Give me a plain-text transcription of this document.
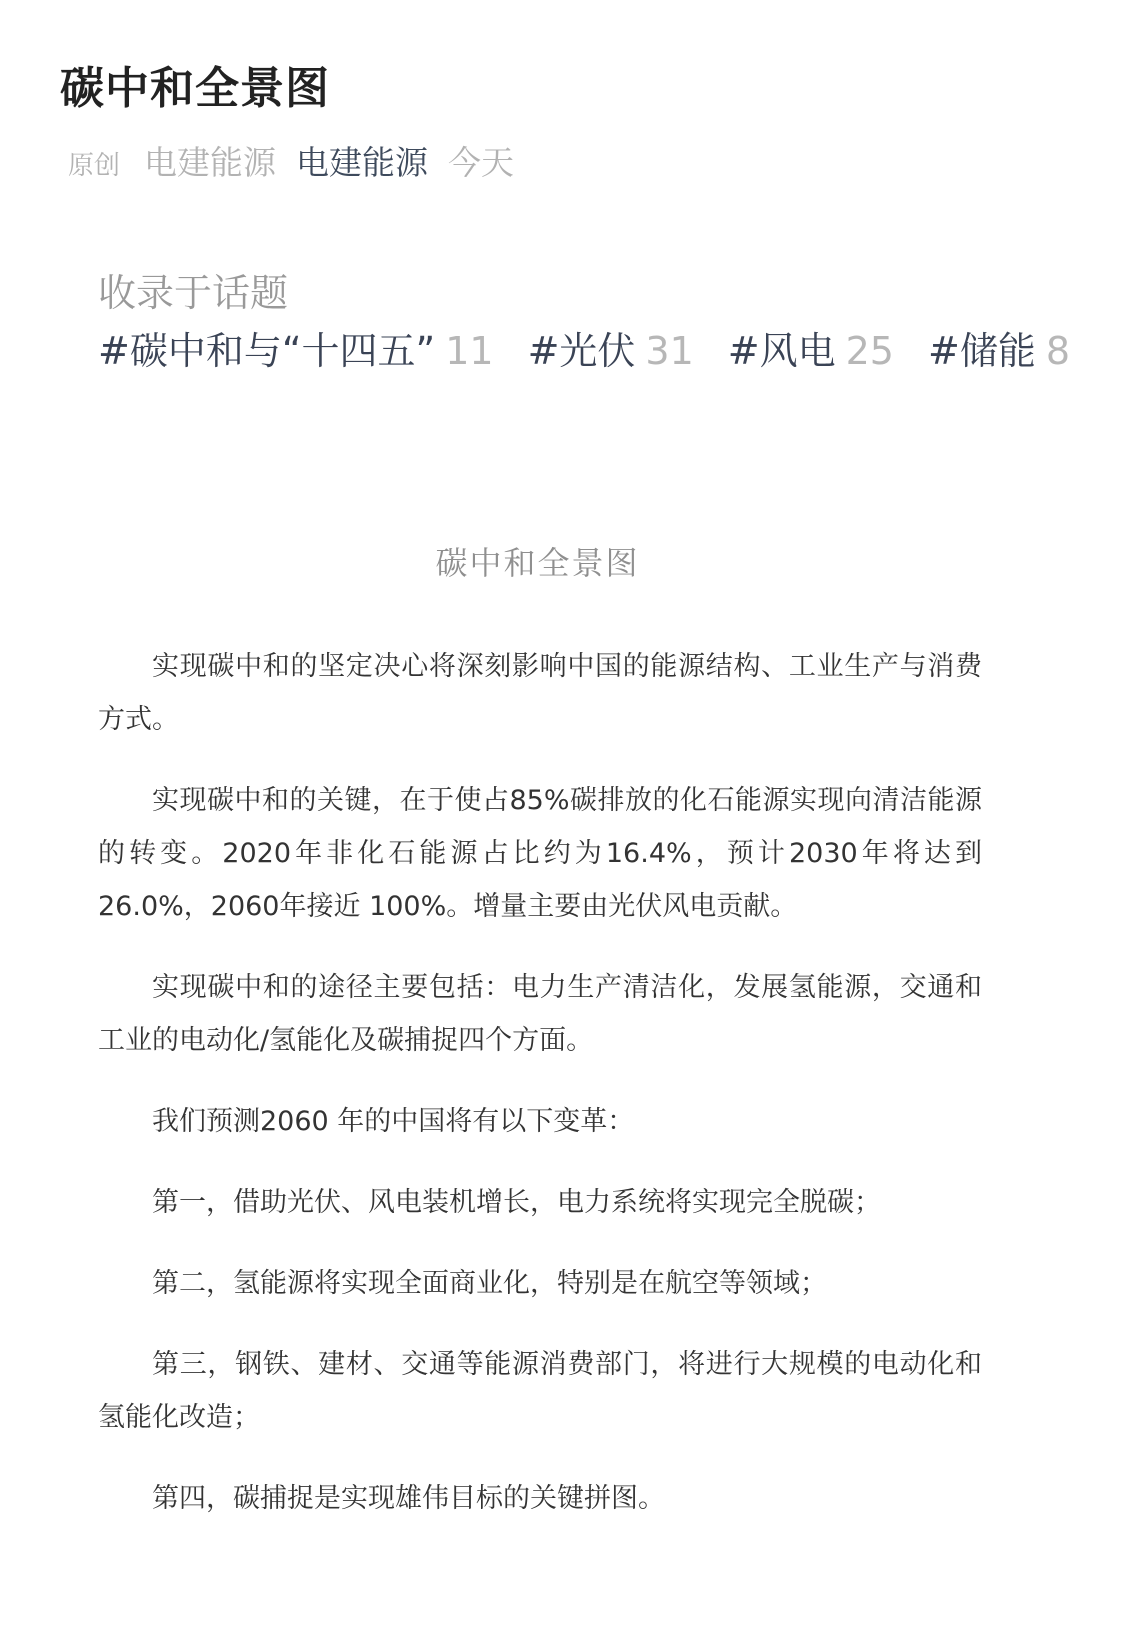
碳中和全景图
原创 电建能源 电建能源 今天
收录于话题
#碳中和与“十四五” 11 #光伏 31 #风电 25 #储能 8
碳中和全景图

实现碳中和的坚定决心将深刻影响中国的能源结构、工业生产与消费方式。

实现碳中和的关键，在于使占85%碳排放的化石能源实现向清洁能源的转变。2020年非化石能源占比约为16.4%，预计2030年将达到26.0%，2060年接近 100%。增量主要由光伏风电贡献。

实现碳中和的途径主要包括：电力生产清洁化，发展氢能源，交通和工业的电动化/氢能化及碳捕捉四个方面。

我们预测2060 年的中国将有以下变革：

第一，借助光伏、风电装机增长，电力系统将实现完全脱碳；

第二，氢能源将实现全面商业化，特别是在航空等领域；

第三，钢铁、建材、交通等能源消费部门，将进行大规模的电动化和氢能化改造；

第四，碳捕捉是实现雄伟目标的关键拼图。
